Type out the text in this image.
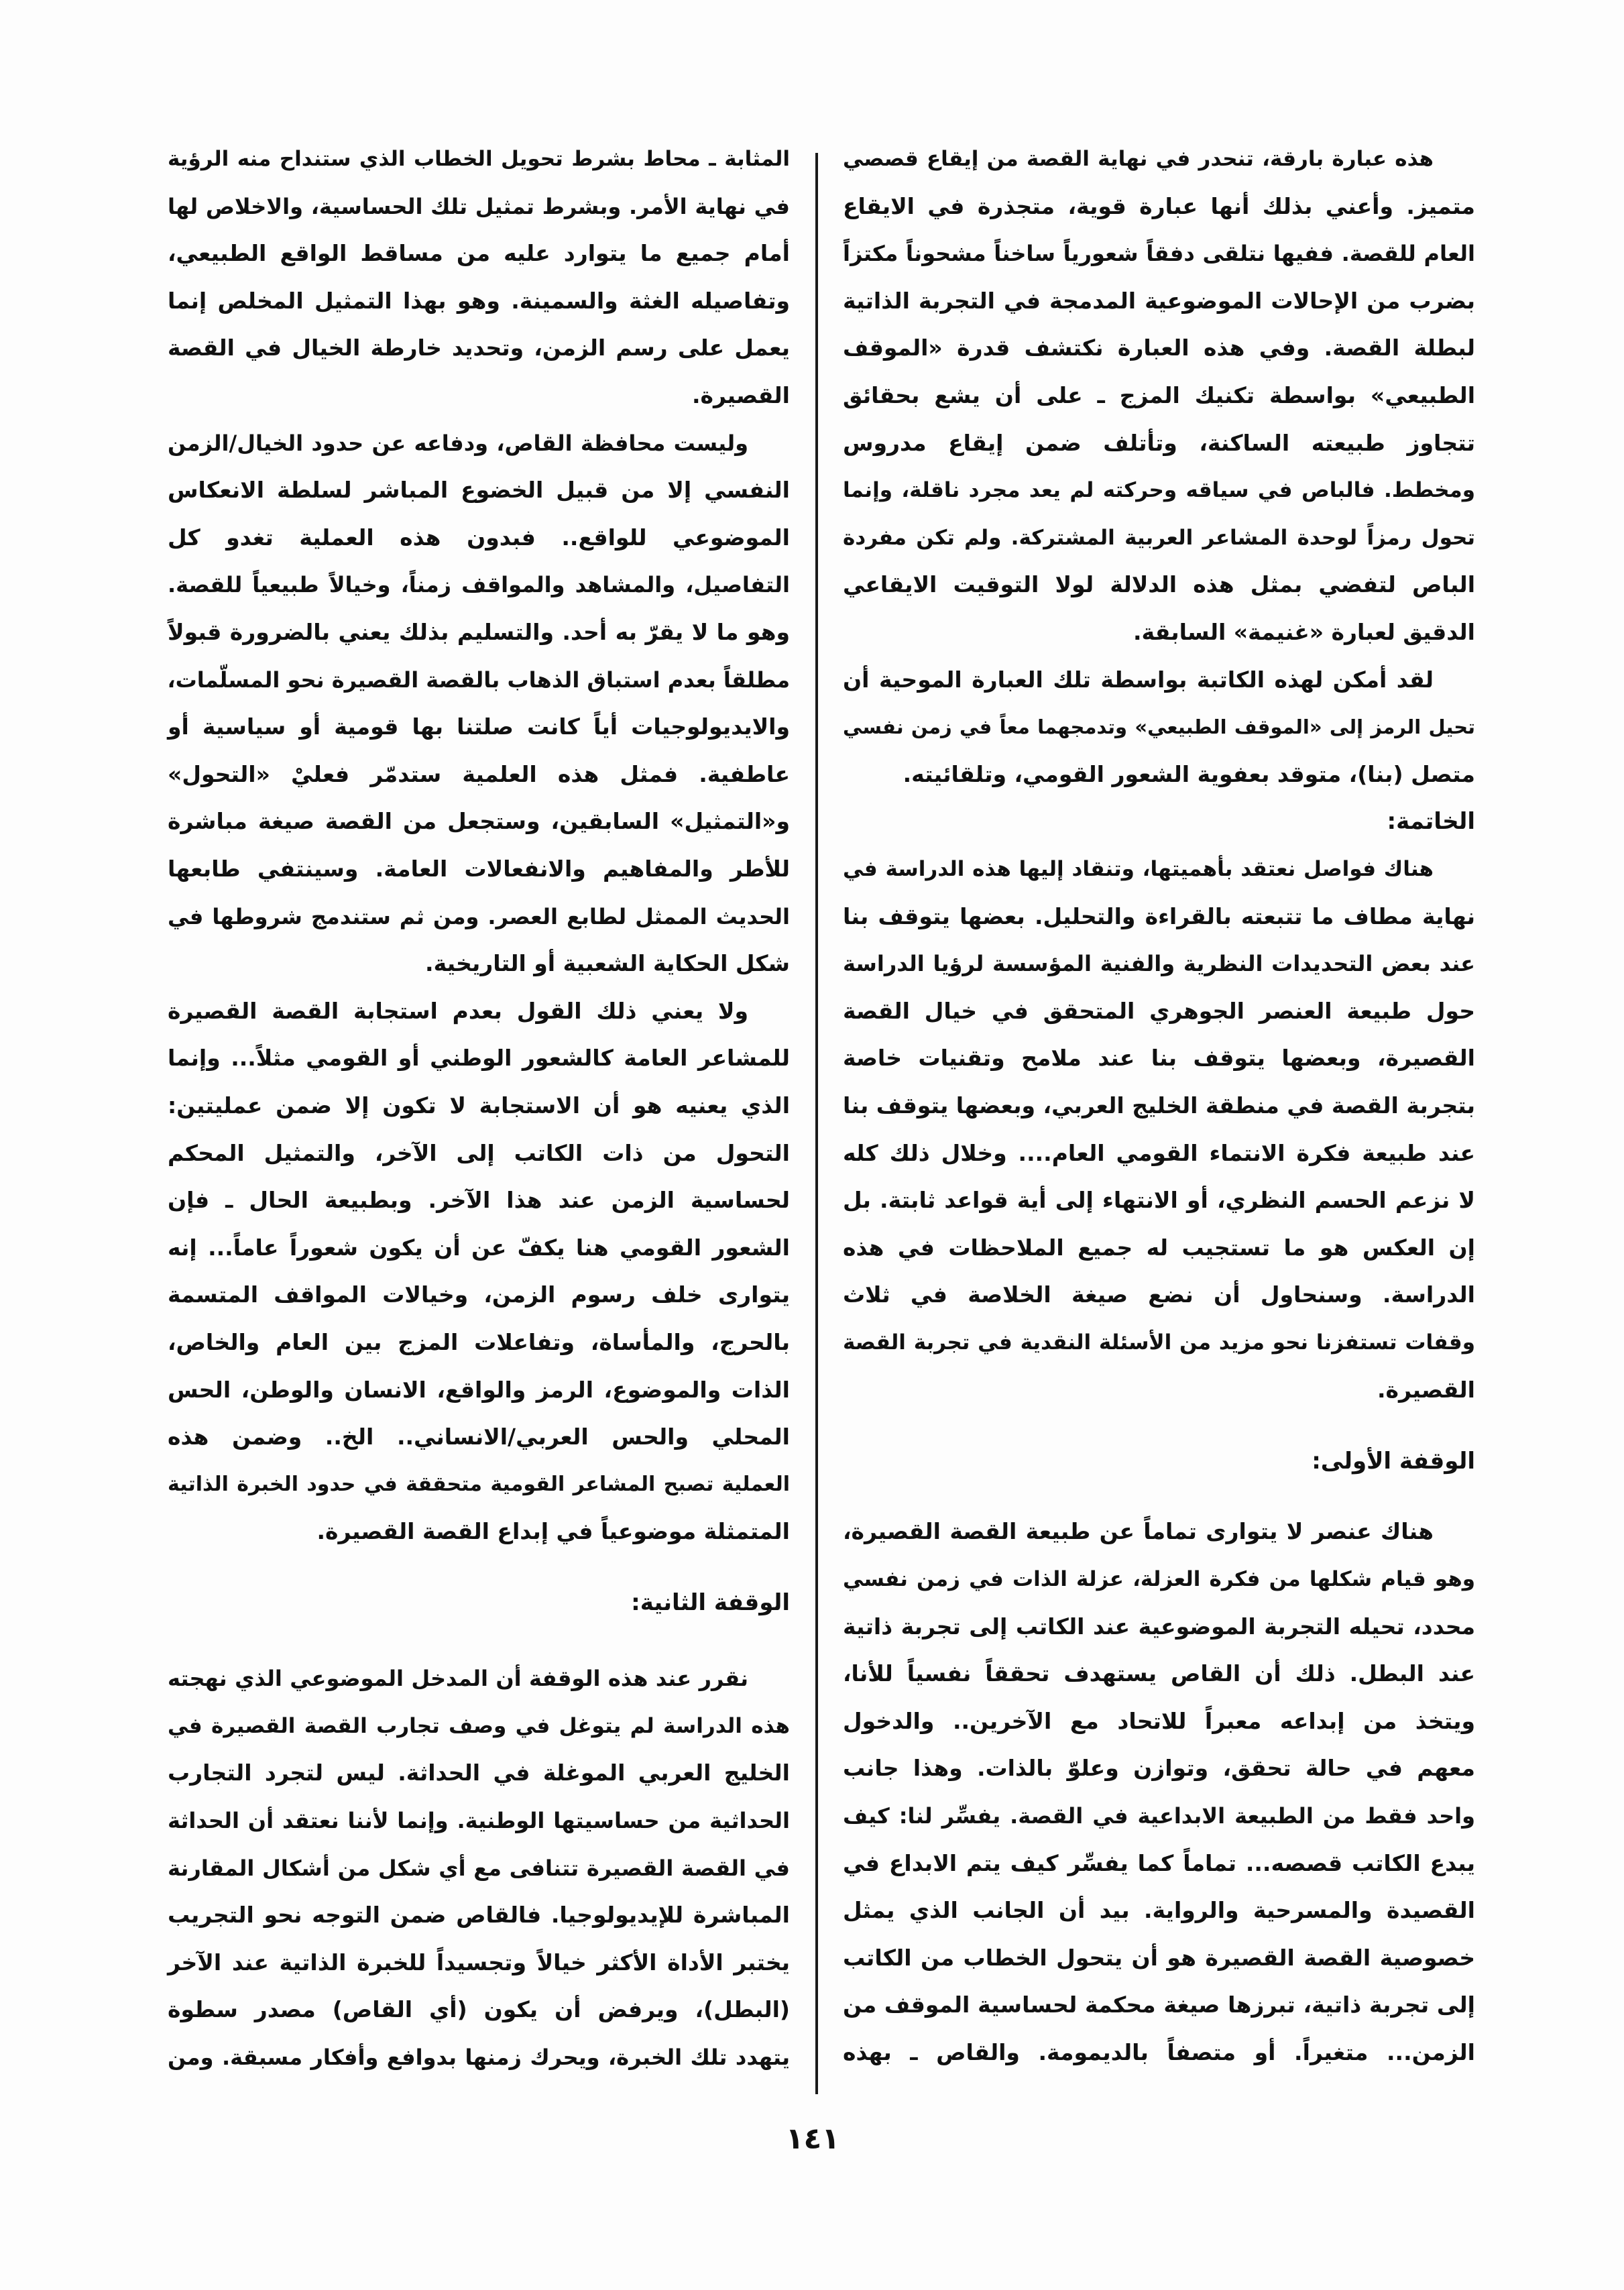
هذه عبارة بارقة، تنحدر في نهاية القصة من إيقاع قصصي
متميز. وأعني بذلك أنها عبارة قوية، متجذرة في الايقاع
العام للقصة. ففيها نتلقى دفقاً شعورياً ساخناً مشحوناً مكتزاً
بضرب من الإحالات الموضوعية المدمجة في التجربة الذاتية
لبطلة القصة. وفي هذه العبارة نكتشف قدرة «الموقف
الطبيعي» بواسطة تكنيك المزج ـ على أن يشع بحقائق
تتجاوز طبيعته الساكنة، وتأتلف ضمن إيقاع مدروس
ومخطط. فالباص في سياقه وحركته لم يعد مجرد ناقلة، وإنما
تحول رمزاً لوحدة المشاعر العربية المشتركة. ولم تكن مفردة
الباص لتفضي بمثل هذه الدلالة لولا التوقيت الايقاعي
الدقيق لعبارة «غنيمة» السابقة.
لقد أمكن لهذه الكاتبة بواسطة تلك العبارة الموحية أن
تحيل الرمز إلى «الموقف الطبيعي» وتدمجهما معاً في زمن نفسي
متصل (بنا)، متوقد بعفوية الشعور القومي، وتلقائيته.
الخاتمة:
هناك فواصل نعتقد بأهميتها، وتنقاد إليها هذه الدراسة في
نهاية مطاف ما تتبعته بالقراءة والتحليل. بعضها يتوقف بنا
عند بعض التحديدات النظرية والفنية المؤسسة لرؤيا الدراسة
حول طبيعة العنصر الجوهري المتحقق في خيال القصة
القصيرة، وبعضها يتوقف بنا عند ملامح وتقنيات خاصة
بتجربة القصة في منطقة الخليج العربي، وبعضها يتوقف بنا
عند طبيعة فكرة الانتماء القومي العام.... وخلال ذلك كله
لا نزعم الحسم النظري، أو الانتهاء إلى أية قواعد ثابتة. بل
إن العكس هو ما تستجيب له جميع الملاحظات في هذه
الدراسة. وسنحاول أن نضع صيغة الخلاصة في ثلاث
وقفات تستفزنا نحو مزيد من الأسئلة النقدية في تجربة القصة
القصيرة.
الوقفة الأولى:
هناك عنصر لا يتوارى تماماً عن طبيعة القصة القصيرة،
وهو قيام شكلها من فكرة العزلة، عزلة الذات في زمن نفسي
محدد، تحيله التجربة الموضوعية عند الكاتب إلى تجربة ذاتية
عند البطل. ذلك أن القاص يستهدف تحققاً نفسياً للأنا،
ويتخذ من إبداعه معبراً للاتحاد مع الآخرين.. والدخول
معهم في حالة تحقق، وتوازن وعلوّ بالذات. وهذا جانب
واحد فقط من الطبيعة الابداعية في القصة. يفسِّر لنا: كيف
يبدع الكاتب قصصه... تماماً كما يفسِّر كيف يتم الابداع في
القصيدة والمسرحية والرواية. بيد أن الجانب الذي يمثل
خصوصية القصة القصيرة هو أن يتحول الخطاب من الكاتب
إلى تجربة ذاتية، تبرزها صيغة محكمة لحساسية الموقف من
الزمن... متغيراً. أو متصفاً بالديمومة. والقاص ـ بهذه
المثابة ـ محاط بشرط تحويل الخطاب الذي ستنداح منه الرؤية
في نهاية الأمر. وبشرط تمثيل تلك الحساسية، والاخلاص لها
أمام جميع ما يتوارد عليه من مساقط الواقع الطبيعي،
وتفاصيله الغثة والسمينة. وهو بهذا التمثيل المخلص إنما
يعمل على رسم الزمن، وتحديد خارطة الخيال في القصة
القصيرة.
وليست محافظة القاص، ودفاعه عن حدود الخيال/الزمن
النفسي إلا من قبيل الخضوع المباشر لسلطة الانعكاس
الموضوعي للواقع.. فبدون هذه العملية تغدو كل
التفاصيل، والمشاهد والمواقف زمناً، وخيالاً طبيعياً للقصة.
وهو ما لا يقرّ به أحد. والتسليم بذلك يعني بالضرورة قبولاً
مطلقاً بعدم استباق الذهاب بالقصة القصيرة نحو المسلّمات،
والايديولوجيات أياً كانت صلتنا بها قومية أو سياسية أو
عاطفية. فمثل هذه العلمية ستدمّر فعليْ «التحول»
و«التمثيل» السابقين، وستجعل من القصة صيغة مباشرة
للأطر والمفاهيم والانفعالات العامة. وسينتفي طابعها
الحديث الممثل لطابع العصر. ومن ثم ستندمج شروطها في
شكل الحكاية الشعبية أو التاريخية.
ولا يعني ذلك القول بعدم استجابة القصة القصيرة
للمشاعر العامة كالشعور الوطني أو القومي مثلاً... وإنما
الذي يعنيه هو أن الاستجابة لا تكون إلا ضمن عمليتين:
التحول من ذات الكاتب إلى الآخر، والتمثيل المحكم
لحساسية الزمن عند هذا الآخر. وبطبيعة الحال ـ فإن
الشعور القومي هنا يكفّ عن أن يكون شعوراً عاماً... إنه
يتوارى خلف رسوم الزمن، وخيالات المواقف المتسمة
بالحرج، والمأساة، وتفاعلات المزج بين العام والخاص،
الذات والموضوع، الرمز والواقع، الانسان والوطن، الحس
المحلي والحس العربي/الانساني.. الخ.. وضمن هذه
العملية تصبح المشاعر القومية متحققة في حدود الخبرة الذاتية
المتمثلة موضوعياً في إبداع القصة القصيرة.
الوقفة الثانية:
نقرر عند هذه الوقفة أن المدخل الموضوعي الذي نهجته
هذه الدراسة لم يتوغل في وصف تجارب القصة القصيرة في
الخليج العربي الموغلة في الحداثة. ليس لتجرد التجارب
الحداثية من حساسيتها الوطنية. وإنما لأننا نعتقد أن الحداثة
في القصة القصيرة تتنافى مع أي شكل من أشكال المقارنة
المباشرة للإيديولوجيا. فالقاص ضمن التوجه نحو التجريب
يختبر الأداة الأكثر خيالاً وتجسيداً للخبرة الذاتية عند الآخر
(البطل)، ويرفض أن يكون (أي القاص) مصدر سطوة
يتهدد تلك الخبرة، ويحرك زمنها بدوافع وأفكار مسبقة. ومن
١٤١
